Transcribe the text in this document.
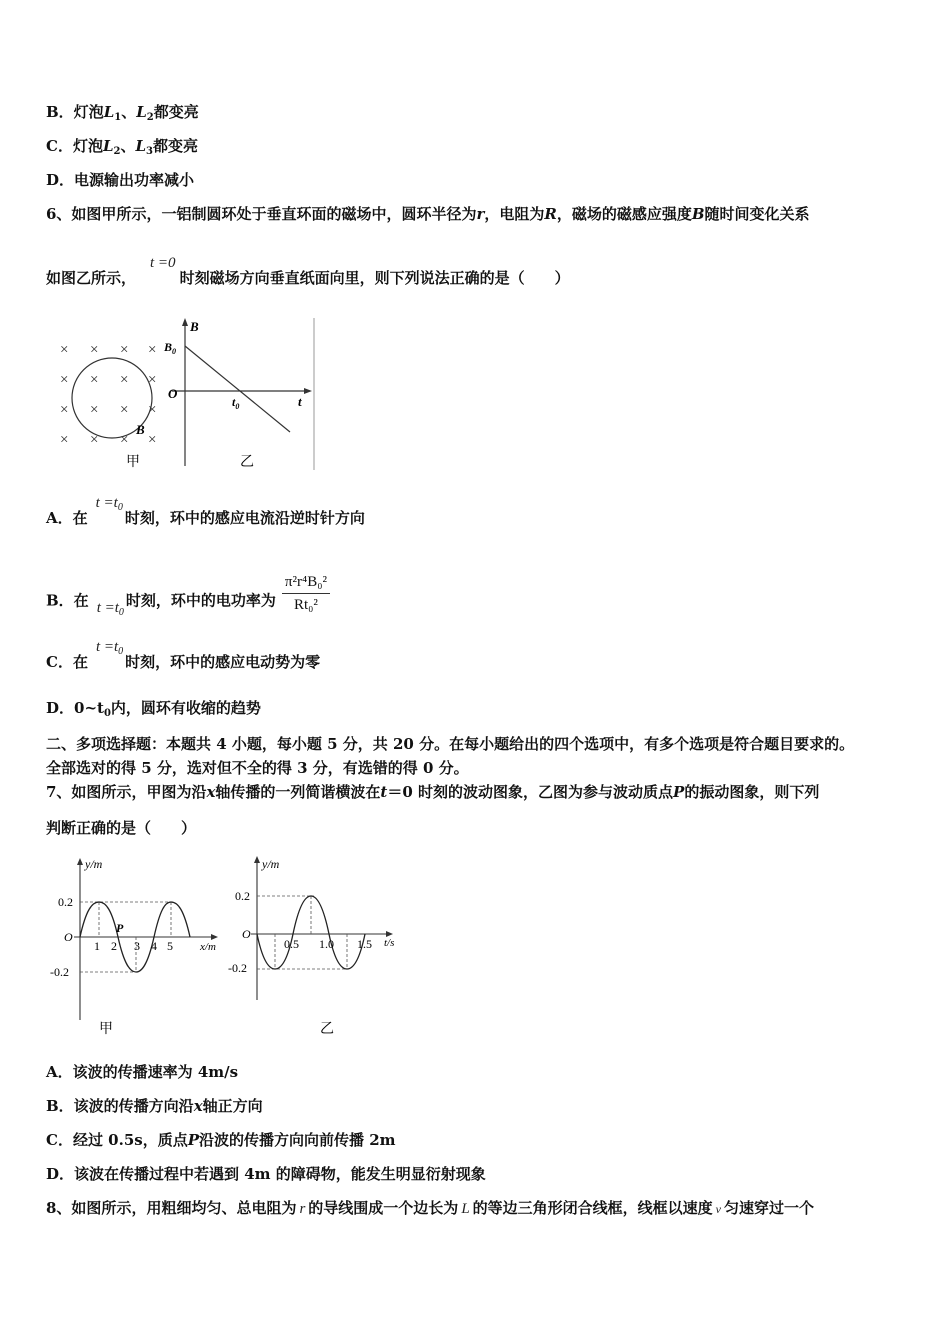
B．灯泡$L_1$、$L_2$都变亮
C．灯泡$L_2$、$L_3$都变亮
D．电源输出功率减小
6、如图甲所示，一铝制圆环处于垂直环面的磁场中，圆环半径为r，电阻为R，磁场的磁感应强度B随时间变化关系
如图乙所示，t =0时刻磁场方向垂直纸面向里，则下列说法正确的是（　　）
× × × ×
× × × ×
× × × ×
× × × ×
B
甲
B
t
O
$B_0$
$t_0$
乙
A．在$t =t_0$时刻，环中的感应电流沿逆时针方向
B．在 $t =t_0$时刻，环中的电功率为 $\frac{\text{π²r⁴B₀²}}{\text{Rt₀²}}$
C．在$t =t_0$时刻，环中的感应电动势为零
D．$0\sim t_0$内，圆环有收缩的趋势
二、多项选择题：本题共 4 小题，每小题 5 分，共 20 分。在每小题给出的四个选项中，有多个选项是符合题目要求的。
全部选对的得 5 分，选对但不全的得 3 分，有选错的得 0 分。
7、如图所示，甲图为沿x轴传播的一列简谐横波在t＝0 时刻的波动图象，乙图为参与波动质点P的振动图象，则下列
判断正确的是（　　）
y/m
x/m
O
0.2
-0.2
1 2 3 4 5
P
甲
y/m
t/s
O
0.2
-0.2
0.5 1.0 1.5
乙
A．该波的传播速率为 4m/s
B．该波的传播方向沿x轴正方向
C．经过 0.5s，质点P沿波的传播方向向前传播 2m
D．该波在传播过程中若遇到 4m 的障碍物，能发生明显衍射现象
8、如图所示，用粗细均匀、总电阻为 r 的导线围成一个边长为 L 的等边三角形闭合线框，线框以速度 v 匀速穿过一个
